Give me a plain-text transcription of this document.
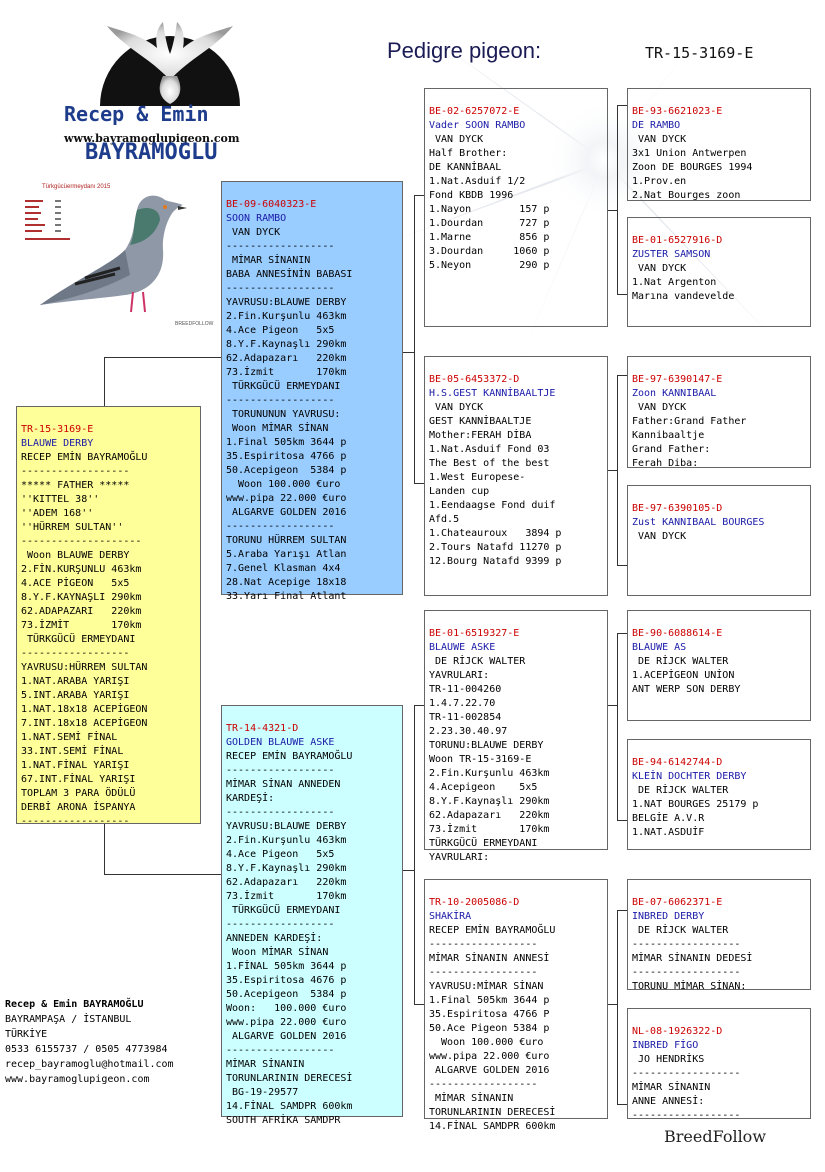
Recep & Emin
www.bayramoglupigeon.com
BAYRAMOGLU
Pedigre pigeon:	TR-15-3169-E
Türkgücüermeydanı 2015
BREEDFOLLOW

TR-15-3169-E
BLAUWE DERBY
RECEP EMİN BAYRAMOĞLU
------------------
***** FATHER *****
''KITTEL 38''
''ADEM 168''
''HÜRREM SULTAN''
--------------------
Woon BLAUWE DERBY
2.FİN.KURŞUNLU 463km
4.ACE PİGEON   5x5
8.Y.F.KAYNAŞLI 290km
62.ADAPAZARI   220km
73.İZMİT       170km
TÜRKGÜCÜ ERMEYDANI
------------------
YAVRUSU:HÜRREM SULTAN
1.NAT.ARABA YARIŞI
5.INT.ARABA YARIŞI
1.NAT.18x18 ACEPİGEON
7.INT.18x18 ACEPİGEON
1.NAT.SEMİ FİNAL
33.INT.SEMİ FİNAL
1.NAT.FİNAL YARIŞI
67.INT.FİNAL YARIŞI
TOPLAM 3 PARA ÖDÜLÜ
DERBİ ARONA İSPANYA
------------------

BE-09-6040323-E
SOON RAMBO
VAN DYCK
------------------
MİMAR SİNANIN
BABA ANNESİNİN BABASI
------------------
YAVRUSU:BLAUWE DERBY
2.Fin.Kurşunlu 463km
4.Ace Pigeon   5x5
8.Y.F.Kaynaşlı 290km
62.Adapazarı   220km
73.İzmit       170km
TÜRKGÜCÜ ERMEYDANI
------------------
TORUNUNUN YAVRUSU:
Woon MİMAR SİNAN
1.Final 505km 3644 p
35.Espiritosa 4766 p
50.Acepigeon  5384 p
Woon 100.000 €uro
www.pipa 22.000 €uro
ALGARVE GOLDEN 2016
------------------
TORUNU HÜRREM SULTAN
5.Araba Yarışı Atlan
7.Genel Klasman 4x4
28.Nat Acepige 18x18
33.Yarı Final Atlant

TR-14-4321-D
GOLDEN BLAUWE ASKE
RECEP EMİN BAYRAMOĞLU
------------------
MİMAR SİNAN ANNEDEN
KARDEŞİ:
------------------
YAVRUSU:BLAUWE DERBY
2.Fin.Kurşunlu 463km
4.Ace Pigeon   5x5
8.Y.F.Kaynaşlı 290km
62.Adapazarı   220km
73.İzmit       170km
TÜRKGÜCÜ ERMEYDANI
------------------
ANNEDEN KARDEŞİ:
Woon MİMAR SİNAN
1.FİNAL 505km 3644 p
35.Espiritosa 4676 p
50.Acepigeon  5384 p
Woon:   100.000 €uro
www.pipa 22.000 €uro
ALGARVE GOLDEN 2016
------------------
MİMAR SİNANIN
TORUNLARININ DERECESİ
BG-19-29577
14.FİNAL SAMDPR 600km
SOUTH AFRİKA SAMDPR

BE-02-6257072-E
Vader SOON RAMBO
VAN DYCK
Half Brother:
DE KANNİBAAL
1.Nat.Asduif 1/2
Fond KBDB 1996
1.Nayon        157 p
1.Dourdan      727 p
1.Marne        856 p
3.Dourdan     1060 p
5.Neyon        290 p

BE-05-6453372-D
H.S.GEST KANNİBAALTJE
VAN DYCK
GEST KANNİBAALTJE
Mother:FERAH DİBA
1.Nat.Asduif Fond 03
The Best of the best
1.West Europese-
Landen cup
1.Eendaagse Fond duif
Afd.5
1.Chateauroux   3894 p
2.Tours Natafd 11270 p
12.Bourg Natafd 9399 p

BE-01-6519327-E
BLAUWE ASKE
DE RİJCK WALTER
YAVRULARI:
TR-11-004260
1.4.7.22.70
TR-11-002854
2.23.30.40.97
TORUNU:BLAUWE DERBY
Woon TR-15-3169-E
2.Fin.Kurşunlu 463km
4.Acepigeon    5x5
8.Y.F.Kaynaşlı 290km
62.Adapazarı   220km
73.İzmit       170km
TÜRKGÜCÜ ERMEYDANI
YAVRULARI:

TR-10-2005086-D
SHAKİRA
RECEP EMİN BAYRAMOĞLU
------------------
MİMAR SİNANIN ANNESİ
------------------
YAVRUSU:MİMAR SİNAN
1.Final 505km 3644 p
35.Espiritosa 4766 P
50.Ace Pigeon 5384 p
Woon 100.000 €uro
www.pipa 22.000 €uro
ALGARVE GOLDEN 2016
------------------
MİMAR SİNANIN
TORUNLARININ DERECESİ
14.FİNAL SAMDPR 600km

BE-93-6621023-E
DE RAMBO
VAN DYCK
3x1 Union Antwerpen
Zoon DE BOURGES 1994
1.Prov.en
2.Nat Bourges zoon

BE-01-6527916-D
ZUSTER SAMSON
VAN DYCK
1.Nat Argenton
Marına vandevelde

BE-97-6390147-E
Zoon KANNIBAAL
VAN DYCK
Father:Grand Father
Kannibaaltje
Grand Father:
Ferah Diba:

BE-97-6390105-D
Zust KANNIBAAL BOURGES
VAN DYCK

BE-90-6088614-E
BLAUWE AS
DE RİJCK WALTER
1.ACEPİGEON UNİON
ANT WERP SON DERBY

BE-94-6142744-D
KLEİN DOCHTER DERBY
DE RİJCK WALTER
1.NAT BOURGES 25179 p
BELGİE A.V.R
1.NAT.ASDUİF

BE-07-6062371-E
INBRED DERBY
DE RİJCK WALTER
------------------
MİMAR SİNANIN DEDESİ
------------------
TORUNU MİMAR SİNAN:

NL-08-1926322-D
INBRED FİGO
JO HENDRİKS
------------------
MİMAR SİNANIN
ANNE ANNESİ:
------------------

Recep & Emin BAYRAMOĞLU
BAYRAMPAŞA / İSTANBUL
TÜRKİYE
0533 6155737 / 0505 4773984
recep_bayramoglu@hotmail.com
www.bayramoglupigeon.com

BreedFollow
